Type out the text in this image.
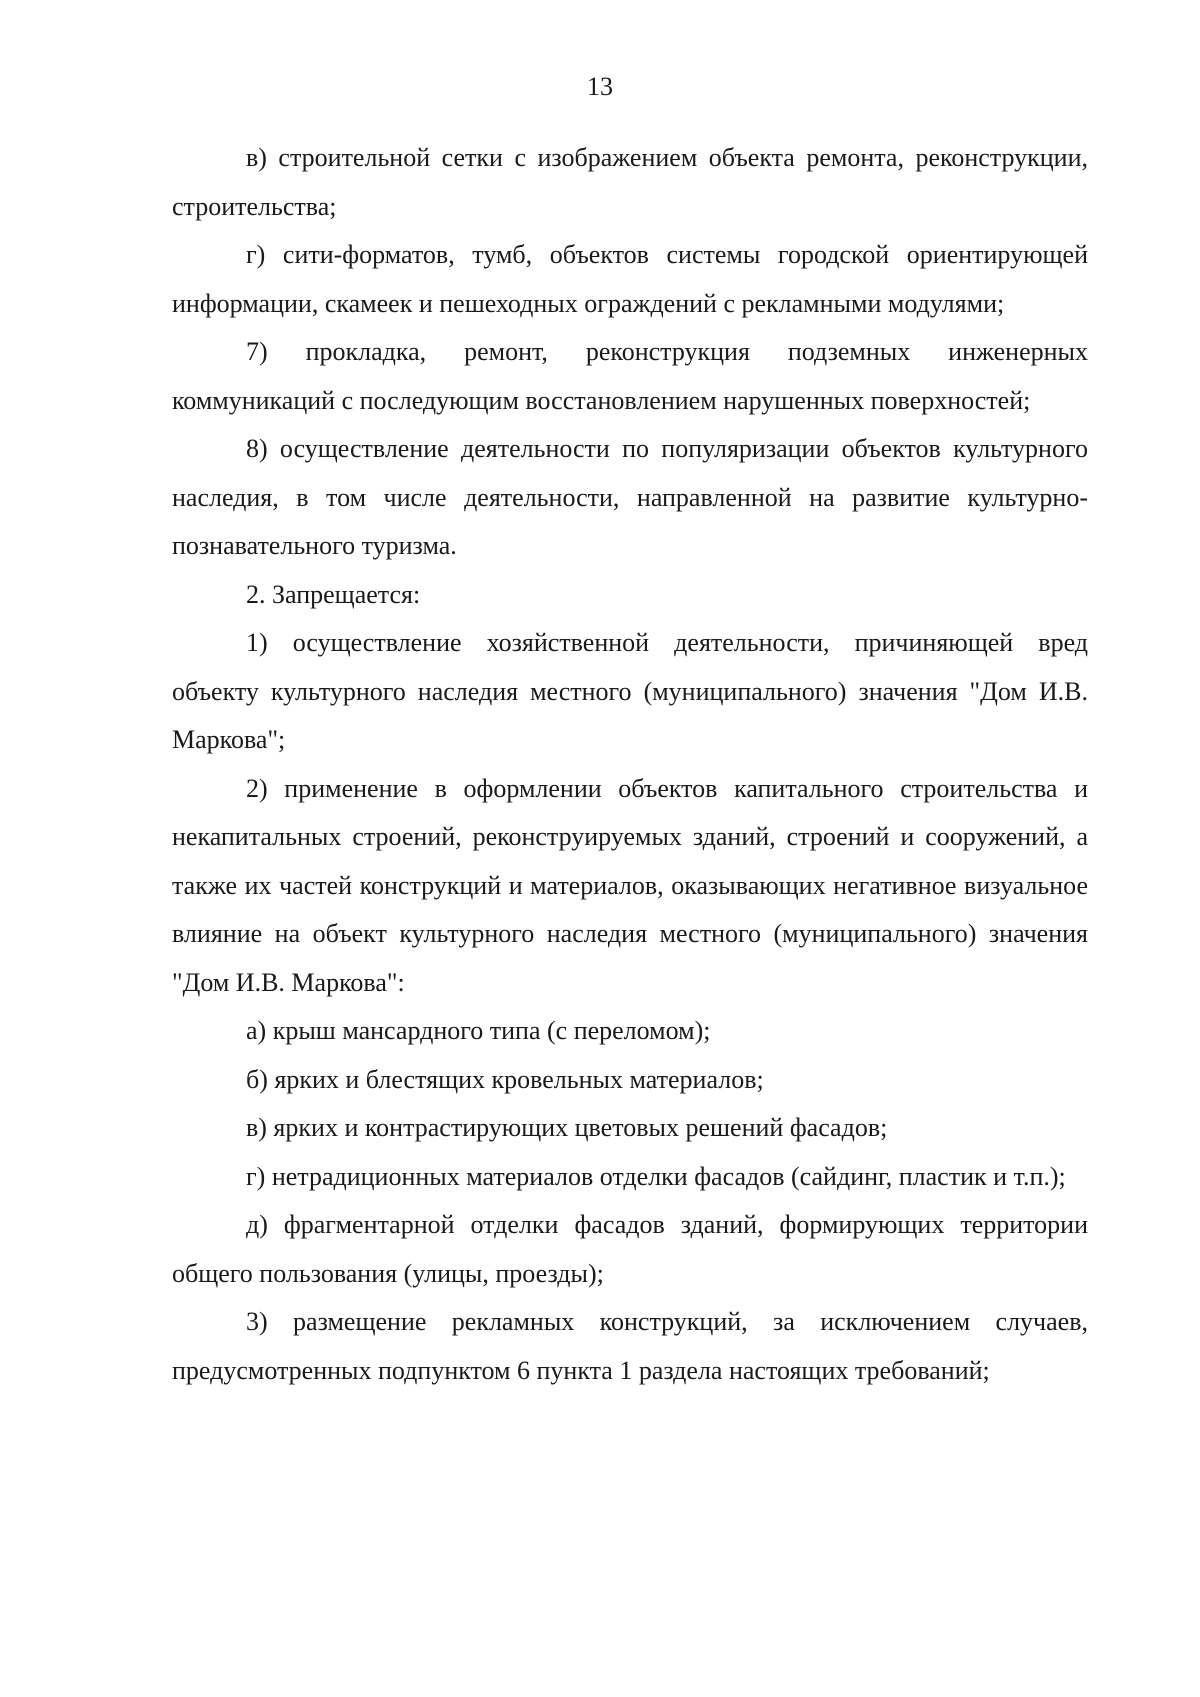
13

в) строительной сетки с изображением объекта ремонта, реконструкции, строительства;

г) сити-форматов, тумб, объектов системы городской ориентирующей информации, скамеек и пешеходных ограждений с рекламными модулями;

7) прокладка, ремонт, реконструкция подземных инженерных коммуникаций с последующим восстановлением нарушенных поверхностей;

8) осуществление деятельности по популяризации объектов культурного наследия, в том числе деятельности, направленной на развитие культурно-познавательного туризма.

2. Запрещается:

1) осуществление хозяйственной деятельности, причиняющей вред объекту культурного наследия местного (муниципального) значения "Дом И.В. Маркова";

2) применение в оформлении объектов капитального строительства и некапитальных строений, реконструируемых зданий, строений и сооружений, а также их частей конструкций и материалов, оказывающих негативное визуальное влияние на объект культурного наследия местного (муниципального) значения "Дом И.В. Маркова":

а) крыш мансардного типа (с переломом);

б) ярких и блестящих кровельных материалов;

в) ярких и контрастирующих цветовых решений фасадов;

г) нетрадиционных материалов отделки фасадов (сайдинг, пластик и т.п.);

д) фрагментарной отделки фасадов зданий, формирующих территории общего пользования (улицы, проезды);

3) размещение рекламных конструкций, за исключением случаев, предусмотренных подпунктом 6 пункта 1 раздела настоящих требований;
